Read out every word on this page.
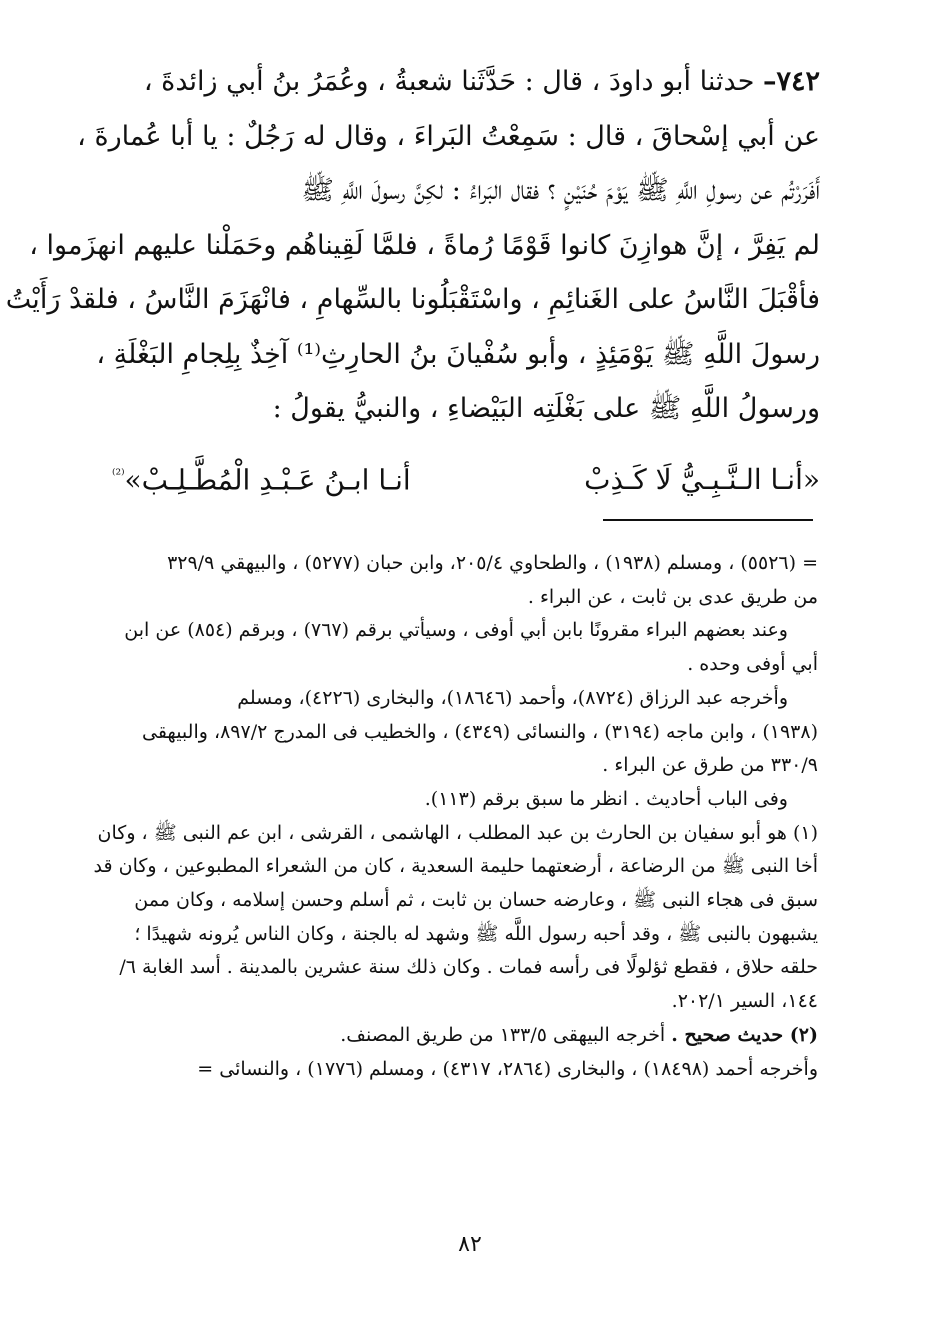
٧٤٢– حدثنا أبو داودَ ، قال : حَدَّثَنا شعبةُ ، وعُمَرُ بنُ أبي زائدةَ ،
عن أبي إسْحاقَ ، قال : سَمِعْتُ البَراءَ ، وقال له رَجُلٌ : يا أبا عُمارةَ ،
أَفَرَرْتُم عن رسولِ اللَّهِ ﷺ يَوْمَ حُنَيْنٍ ؟ فقال البَراءُ : لكِنَّ رسولَ اللَّهِ ﷺ
لم يَفِرَّ ، إنَّ هوازِنَ كانوا قَوْمًا رُماةً ، فلمَّا لَقِيناهُم وحَمَلْنا عليهم انهزَموا ،
فأقْبَلَ النَّاسُ على الغَنائِمِ ، واسْتَقْبَلُونا بالسِّهامِ ، فانْهَزَمَ النَّاسُ ، فلقدْ رَأَيْتُ
رسولَ اللَّهِ ﷺ يَوْمَئِذٍ ، وأبو سُفْيانَ بنُ الحارِثِ⁽¹⁾ آخِذٌ بِلِجامِ البَغْلَةِ ،
ورسولُ اللَّهِ ﷺ على بَغْلَتِه البَيْضاءِ ، والنبيُّ يقولُ :
«أنـا الـنَّـبِـيُّ لَا كَـذِبْ
أنـا ابـنُ عَـبْـدِ الْمُطَّـلِـبْ»$^{^{(2)}}$
= (٥٥٢٦) ، ومسلم (١٩٣٨) ، والطحاوي ٢٠٥/٤، وابن حبان (٥٢٧٧) ، والبيهقي ٣٢٩/٩
من طريق عدى بن ثابت ، عن البراء .
وعند بعضهم البراء مقرونًا بابن أبي أوفى ، وسيأتي برقم (٧٦٧) ، وبرقم (٨٥٤) عن ابن
أبي أوفى وحده .
وأخرجه عبد الرزاق (٨٧٢٤)، وأحمد (١٨٦٤٦)، والبخارى (٤٢٢٦)، ومسلم
(١٩٣٨) ، وابن ماجه (٣١٩٤) ، والنسائى (٤٣٤٩) ، والخطيب فى المدرج ٨٩٧/٢، والبيهقى
٣٣٠/٩ من طرق عن البراء .
وفى الباب أحاديث . انظر ما سبق برقم (١١٣).
(١) هو أبو سفيان بن الحارث بن عبد المطلب ، الهاشمى ، القرشى ، ابن عم النبى ﷺ ، وكان
أخا النبى ﷺ من الرضاعة ، أرضعتهما حليمة السعدية ، كان من الشعراء المطبوعين ، وكان قد
سبق فى هجاء النبى ﷺ ، وعارضه حسان بن ثابت ، ثم أسلم وحسن إسلامه ، وكان ممن
يشبهون بالنبى ﷺ ، وقد أحبه رسول اللَّه ﷺ وشهد له بالجنة ، وكان الناس يُرونه شهيدًا ؛
حلقه حلاق ، فقطع ثؤلولًا فى رأسه فمات . وكان ذلك سنة عشرين بالمدينة . أسد الغابة ٦/
١٤٤، السير ٢٠٢/١.
(٢) حديث صحيح . أخرجه البيهقى ١٣٣/٥ من طريق المصنف.
وأخرجه أحمد (١٨٤٩٨) ، والبخارى (٢٨٦٤، ٤٣١٧) ، ومسلم (١٧٧٦) ، والنسائى =
٨٢
